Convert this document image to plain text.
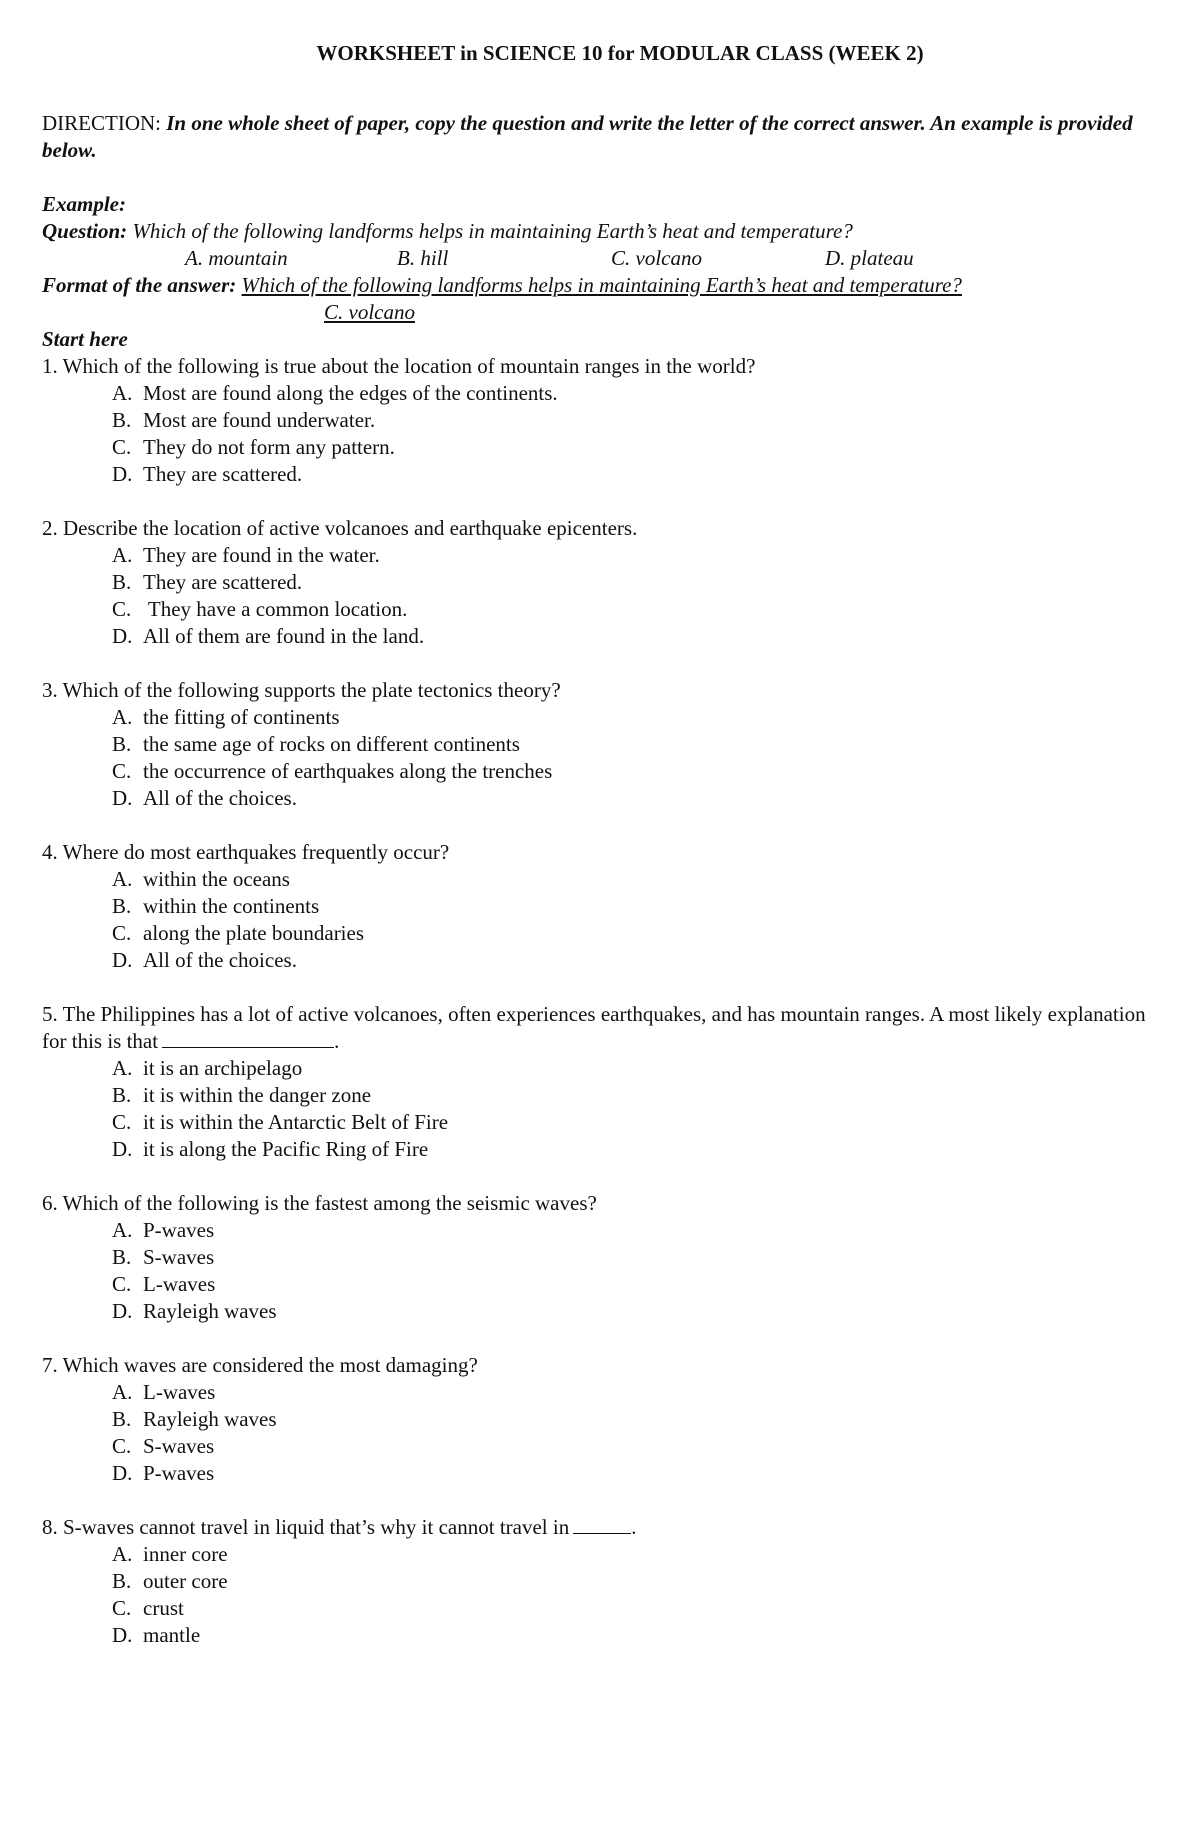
WORKSHEET in SCIENCE 10 for MODULAR CLASS (WEEK 2)
DIRECTION: In one whole sheet of paper, copy the question and write the letter of the correct answer. An example is provided below.
Example:
Question: Which of the following landforms helps in maintaining Earth’s heat and temperature?
A. mountain	B. hill	C. volcano	D. plateau
Format of the answer: Which of the following landforms helps in maintaining Earth’s heat and temperature?
C. volcano
Start here
1. Which of the following is true about the location of mountain ranges in the world?
A. Most are found along the edges of the continents.
B. Most are found underwater.
C. They do not form any pattern.
D. They are scattered.
2. Describe the location of active volcanoes and earthquake epicenters.
A. They are found in the water.
B. They are scattered.
C. They have a common location.
D. All of them are found in the land.
3. Which of the following supports the plate tectonics theory?
A. the fitting of continents
B. the same age of rocks on different continents
C. the occurrence of earthquakes along the trenches
D. All of the choices.
4. Where do most earthquakes frequently occur?
A. within the oceans
B. within the continents
C. along the plate boundaries
D. All of the choices.
5. The Philippines has a lot of active volcanoes, often experiences earthquakes, and has mountain ranges. A most likely explanation for this is that	.
A. it is an archipelago
B. it is within the danger zone
C. it is within the Antarctic Belt of Fire
D. it is along the Pacific Ring of Fire
6. Which of the following is the fastest among the seismic waves?
A. P-waves
B. S-waves
C. L-waves
D. Rayleigh waves
7. Which waves are considered the most damaging?
A. L-waves
B. Rayleigh waves
C. S-waves
D. P-waves
8. S-waves cannot travel in liquid that’s why it cannot travel in	.
A. inner core
B. outer core
C. crust
D. mantle
